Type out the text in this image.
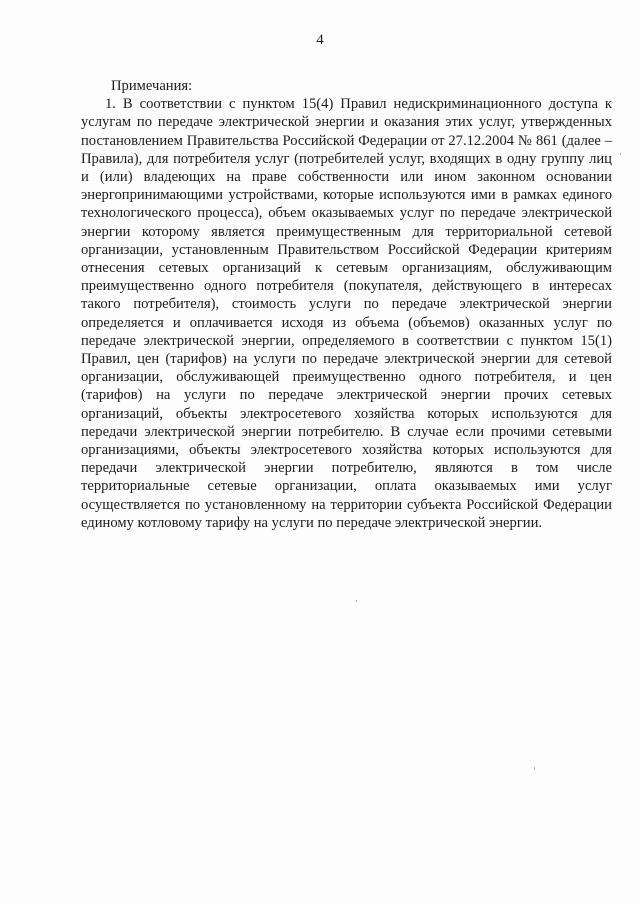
4

Примечания:

1. В соответствии с пунктом 15(4) Правил недискриминационного доступа к услугам по передаче электрической энергии и оказания этих услуг, утвержденных постановлением Правительства Российской Федерации от 27.12.2004 № 861 (далее – Правила), для потребителя услуг (потребителей услуг, входящих в одну группу лиц и (или) владеющих на праве собственности или ином законном основании энергопринимающими устройствами, которые используются ими в рамках единого технологического процесса), объем оказываемых услуг по передаче электрической энергии которому является преимущественным для территориальной сетевой организации, установленным Правительством Российской Федерации критериям отнесения сетевых организаций к сетевым организациям, обслуживающим преимущественно одного потребителя (покупателя, действующего в интересах такого потребителя), стоимость услуги по передаче электрической энергии определяется и оплачивается исходя из объема (объемов) оказанных услуг по передаче электрической энергии, определяемого в соответствии с пунктом 15(1) Правил, цен (тарифов) на услуги по передаче электрической энергии для сетевой организации, обслуживающей преимущественно одного потребителя, и цен (тарифов) на услуги по передаче электрической энергии прочих сетевых организаций, объекты электросетевого хозяйства которых используются для передачи электрической энергии потребителю. В случае если прочими сетевыми организациями, объекты электросетевого хозяйства которых используются для передачи электрической энергии потребителю, являются в том числе территориальные сетевые организации, оплата оказываемых ими услуг осуществляется по установленному на территории субъекта Российской Федерации единому котловому тарифу на услуги по передаче электрической энергии.
